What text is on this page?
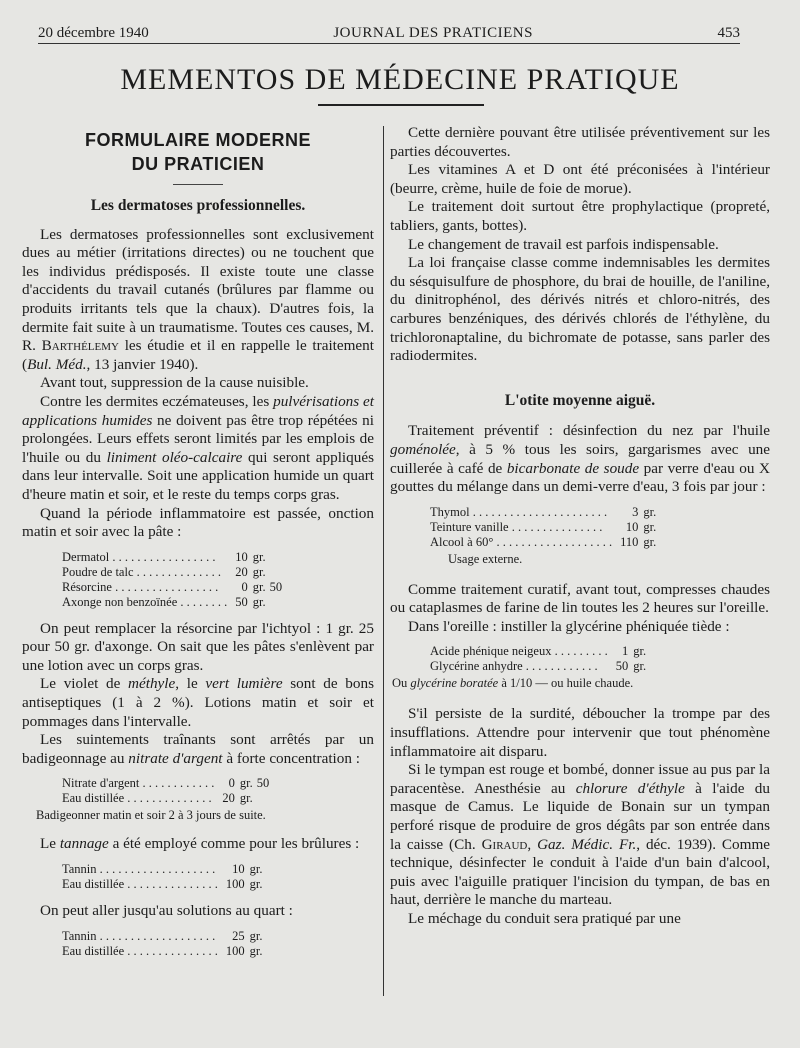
20 décembre 1940	JOURNAL DES PRATICIENS	453
MEMENTOS DE MÉDECINE PRATIQUE
FORMULAIRE MODERNE
DU PRATICIEN
Les dermatoses professionnelles.

Les dermatoses professionnelles sont exclusivement dues au métier (irritations directes) ou ne touchent que les individus prédisposés. Il existe toute une classe d'accidents du travail cutanés (brûlures par flamme ou produits irritants tels que la chaux). D'autres fois, la dermite fait suite à un traumatisme. Toutes ces causes, M. R. Barthélemy les étudie et il en rappelle le traitement (Bul. Méd., 13 janvier 1940).

Avant tout, suppression de la cause nuisible.

Contre les dermites eczémateuses, les pulvérisations et applications humides ne doivent pas être trop répétées ni prolongées. Leurs effets seront limités par les emplois de l'huile ou du liniment oléo-calcaire qui seront appliqués dans leur intervalle. Soit une application humide un quart d'heure matin et soir, et le reste du temps corps gras.

Quand la période inflammatoire est passée, onction matin et soir avec la pâte :

Dermatol . . . . . . . . . . . . . . . . .	10	gr.	
Poudre de talc . . . . . . . . . . . . . .	20	gr.	
Résorcine . . . . . . . . . . . . . . . . .	0	gr.	50
Axonge non benzoïnée . . . . . . . .	50	gr.	

On peut remplacer la résorcine par l'ichtyol : 1 gr. 25 pour 50 gr. d'axonge. On sait que les pâtes s'enlèvent par une lotion avec un corps gras.

Le violet de méthyle, le vert lumière sont de bons antiseptiques (1 à 2 %). Lotions matin et soir et pommages dans l'intervalle.

Les suintements traînants sont arrêtés par un badigeonnage au nitrate d'argent à forte concentration :

Nitrate d'argent . . . . . . . . . . . .	0	gr.	50
Eau distillée . . . . . . . . . . . . . .	20	gr.	
Badigeonner matin et soir 2 à 3 jours de suite.

Le tannage a été employé comme pour les brûlures :

Tannin . . . . . . . . . . . . . . . . . . .	10	gr.	
Eau distillée . . . . . . . . . . . . . . .	100	gr.	

On peut aller jusqu'au solutions au quart :

Tannin . . . . . . . . . . . . . . . . . . .	25	gr.	
Eau distillée . . . . . . . . . . . . . . .	100	gr.	

Cette dernière pouvant être utilisée préventivement sur les parties découvertes.

Les vitamines A et D ont été préconisées à l'intérieur (beurre, crème, huile de foie de morue).

Le traitement doit surtout être prophylactique (propreté, tabliers, gants, bottes).

Le changement de travail est parfois indispensable.

La loi française classe comme indemnisables les dermites du sésquisulfure de phosphore, du brai de houille, de l'aniline, du dinitrophénol, des dérivés nitrés et chloro-nitrés, des carbures benzéniques, des dérivés chlorés de l'éthylène, du trichloronaptaline, du bichromate de potasse, sans parler des radiodermites.

L'otite moyenne aiguë.

Traitement préventif : désinfection du nez par l'huile goménolée, à 5 % tous les soirs, gargarismes avec une cuillerée à café de bicarbonate de soude par verre d'eau ou X gouttes du mélange dans un demi-verre d'eau, 3 fois par jour :

Thymol . . . . . . . . . . . . . . . . . . . . . .	3	gr.
Teinture vanille . . . . . . . . . . . . . . .	10	gr.
Alcool à 60° . . . . . . . . . . . . . . . . . . .	110	gr.
Usage externe.

Comme traitement curatif, avant tout, compresses chaudes ou cataplasmes de farine de lin toutes les 2 heures sur l'oreille.

Dans l'oreille : instiller la glycérine phéniquée tiède :

Acide phénique neigeux . . . . . . . . .	1	gr.
Glycérine anhydre . . . . . . . . . . . .	50	gr.
Ou glycérine boratée à 1/10 — ou huile chaude.

S'il persiste de la surdité, déboucher la trompe par des insufflations. Attendre pour intervenir que tout phénomène inflammatoire ait disparu.

Si le tympan est rouge et bombé, donner issue au pus par la paracentèse. Anesthésie au chlorure d'éthyle à l'aide du masque de Camus. Le liquide de Bonain sur un tympan perforé risque de produire de gros dégâts par son entrée dans la caisse (Ch. Giraud, Gaz. Médic. Fr., déc. 1939). Comme technique, désinfecter le conduit à l'aide d'un bain d'alcool, puis avec l'aiguille pratiquer l'incision du tympan, de bas en haut, derrière le manche du marteau.

Le méchage du conduit sera pratiqué par une
